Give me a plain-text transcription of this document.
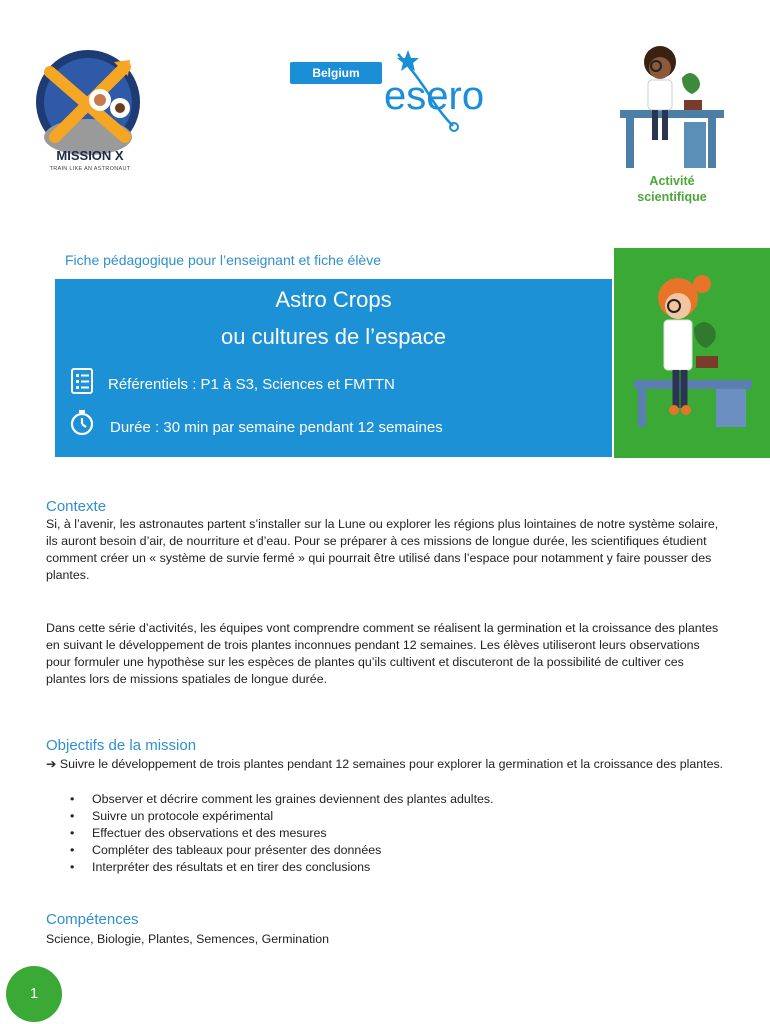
MISSION X
TRAIN LIKE AN ASTRONAUT
Belgium
esero
Activité
scientifique
Fiche pédagogique pour l’enseignant et fiche élève
Astro Crops
ou cultures de l’espace
Référentiels : P1 à S3, Sciences et FMTTN
Durée : 30 min par semaine pendant 12 semaines
Contexte
Si, à l’avenir, les astronautes partent s’installer sur la Lune ou explorer les régions plus lointaines de notre système solaire, ils auront besoin d’air, de nourriture et d’eau. Pour se préparer à ces missions de longue durée, les scientifiques étudient comment créer un « système de survie fermé » qui pourrait être utilisé dans l’espace pour notamment y faire pousser des plantes.
Dans cette série d’activités, les équipes vont comprendre comment se réalisent la germination et la croissance des plantes en suivant le développement de trois plantes inconnues pendant 12 semaines. Les élèves utiliseront leurs observations pour formuler une hypothèse sur les espèces de plantes qu’ils cultivent et discuteront de la possibilité de cultiver ces plantes lors de missions spatiales de longue durée.
Objectifs de la mission
➔ Suivre le développement de trois plantes pendant 12 semaines pour explorer la germination et la croissance des plantes.
• Observer et décrire comment les graines deviennent des plantes adultes.
• Suivre un protocole expérimental
• Effectuer des observations et des mesures
• Compléter des tableaux pour présenter des données
• Interpréter des résultats et en tirer des conclusions
Compétences
Science, Biologie, Plantes, Semences, Germination
1
